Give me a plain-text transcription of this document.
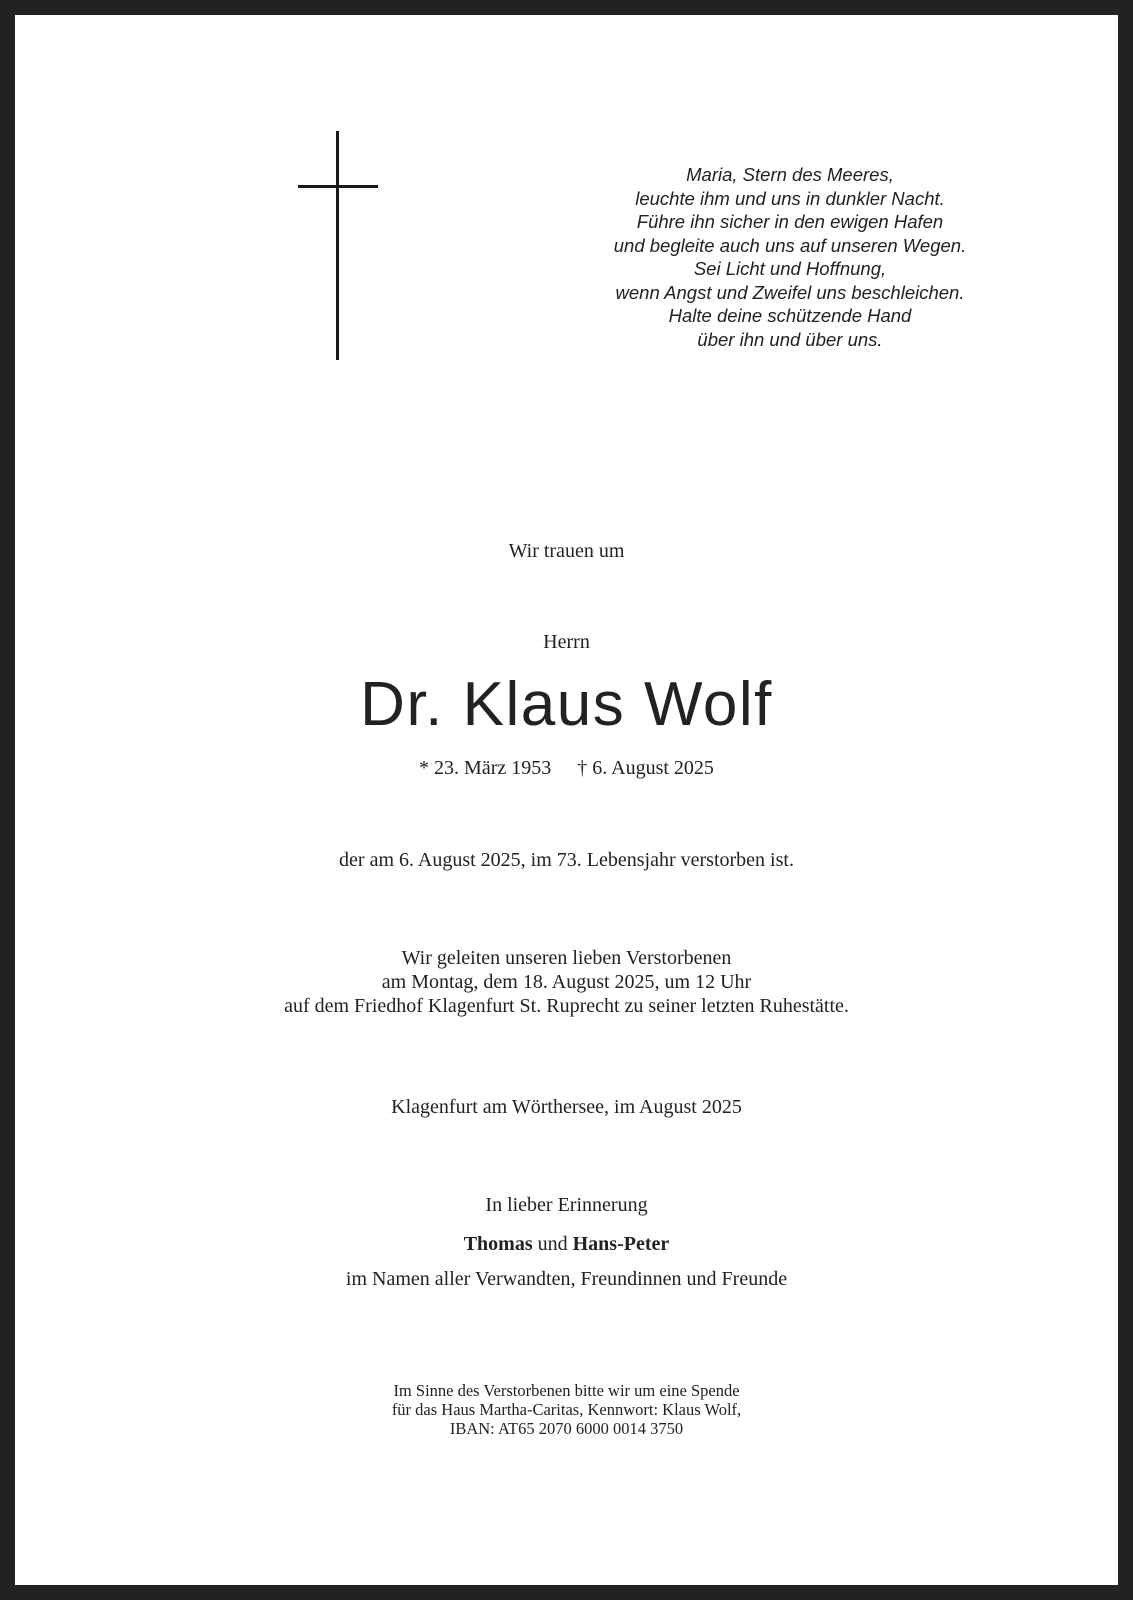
Maria, Stern des Meeres,
leuchte ihm und uns in dunkler Nacht.
Führe ihn sicher in den ewigen Hafen
und begleite auch uns auf unseren Wegen.
Sei Licht und Hoffnung,
wenn Angst und Zweifel uns beschleichen.
Halte deine schützende Hand
über ihn und über uns.
Wir trauen um
Herrn
Dr. Klaus Wolf
* 23. März 1953 † 6. August 2025
der am 6. August 2025, im 73. Lebensjahr verstorben ist.
Wir geleiten unseren lieben Verstorbenen
am Montag, dem 18. August 2025, um 12 Uhr
auf dem Friedhof Klagenfurt St. Ruprecht zu seiner letzten Ruhestätte.
Klagenfurt am Wörthersee, im August 2025
In lieber Erinnerung
Thomas und Hans-Peter
im Namen aller Verwandten, Freundinnen und Freunde
Im Sinne des Verstorbenen bitte wir um eine Spende
für das Haus Martha-Caritas, Kennwort: Klaus Wolf,
IBAN: AT65 2070 6000 0014 3750
